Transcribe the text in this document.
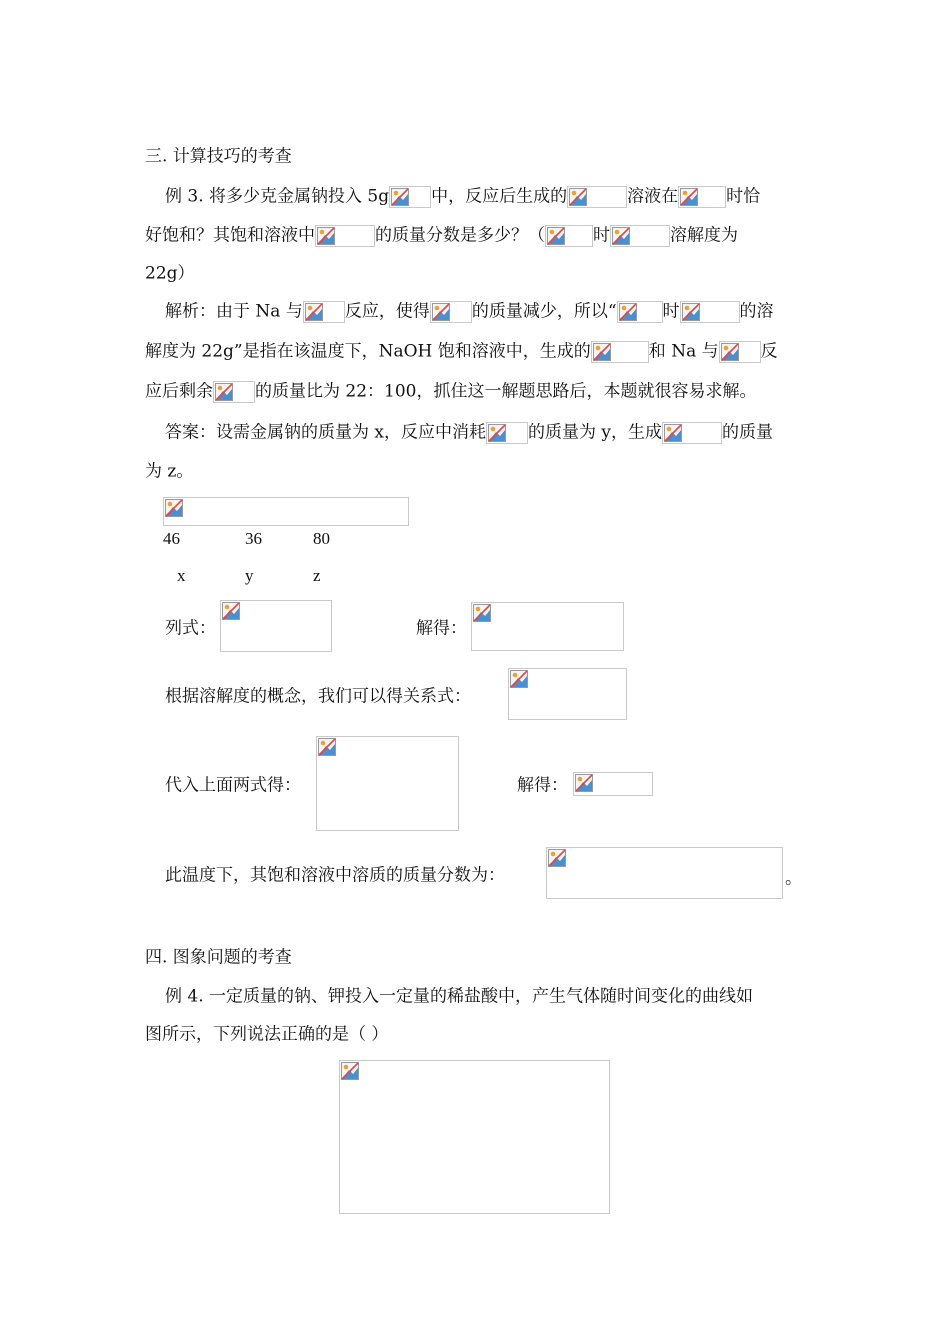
三. 计算技巧的考查
例 3. 将多少克金属钠投入 5g 中，反应后生成的	溶液在	时恰
好饱和？其饱和溶液中	的质量分数是多少？（	时	溶解度为
22g）
解析：由于 Na 与 反应，使得 的质量减少，所以“	时	的溶
解度为 22g”是指在该温度下，NaOH 饱和溶液中，生成的	和 Na 与 反
应后剩余 的质量比为 22：100，抓住这一解题思路后，本题就很容易求解。
答案：设需金属钠的质量为 x，反应中消耗 的质量为 y，生成	的质量
为 z。
46	36	80
x	y	z
列式：	解得：
根据溶解度的概念，我们可以得关系式：
代入上面两式得：	解得：
此温度下，其饱和溶液中溶质的质量分数为：	。
四. 图象问题的考查
例 4. 一定质量的钠、钾投入一定量的稀盐酸中，产生气体随时间变化的曲线如
图所示，下列说法正确的是（ ）
